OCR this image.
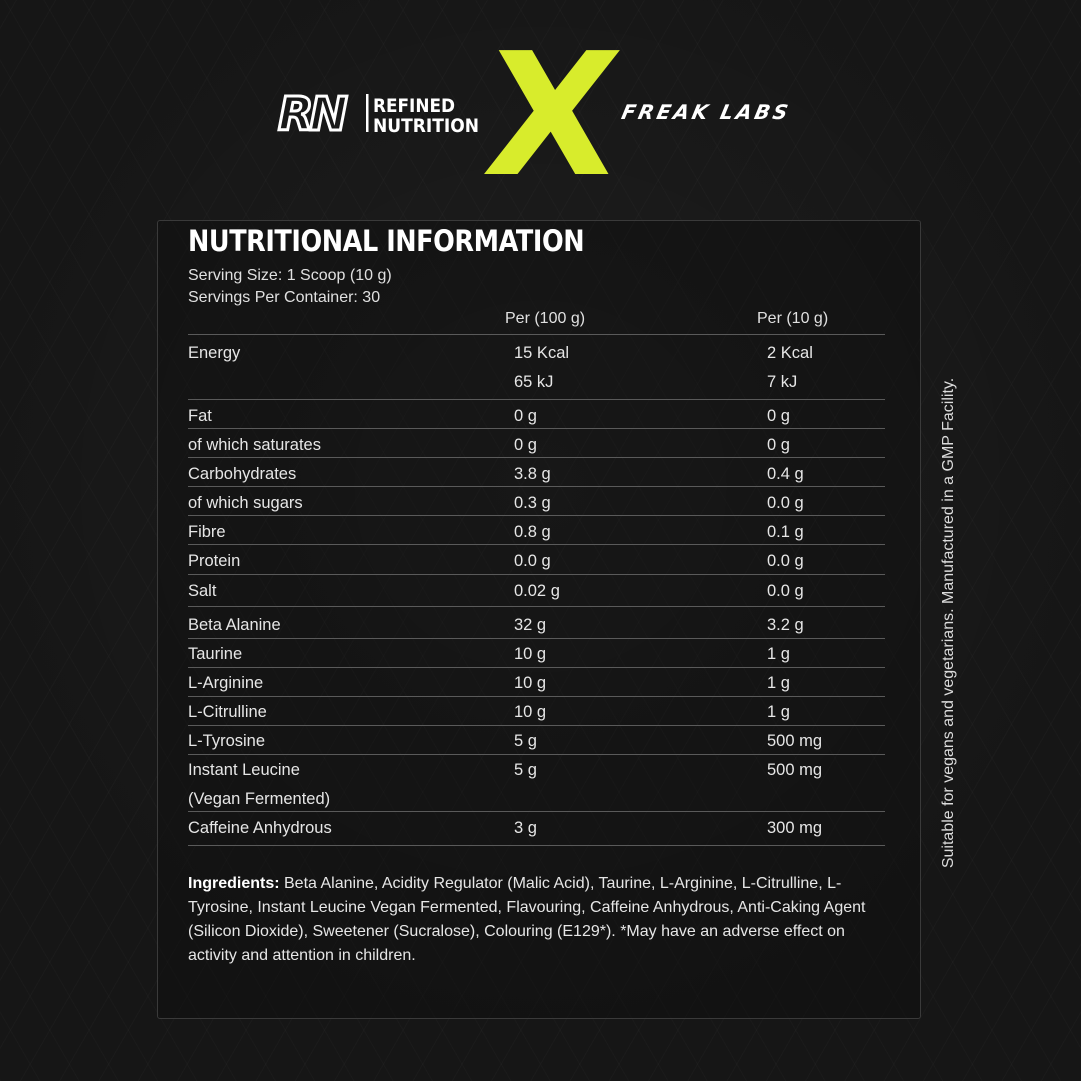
RN REFINED
NUTRITION
X
FREAK LABS
NUTRITIONAL INFORMATION
Serving Size: 1 Scoop (10 g)
Servings Per Container: 30
Per (100 g)	Per (10 g)
Energy	15 Kcal	2 Kcal
65 kJ	7 kJ
Fat	0 g	0 g
of which saturates	0 g	0 g
Carbohydrates	3.8 g	0.4 g
of which sugars	0.3 g	0.0 g
Fibre	0.8 g	0.1 g
Protein	0.0 g	0.0 g
Salt	0.02 g	0.0 g
Beta Alanine	32 g	3.2 g
Taurine	10 g	1 g
L-Arginine	10 g	1 g
L-Citrulline	10 g	1 g
L-Tyrosine	5 g	500 mg
Instant Leucine	5 g	500 mg
(Vegan Fermented)
Caffeine Anhydrous	3 g	300 mg
Ingredients: Beta Alanine, Acidity Regulator (Malic Acid), Taurine, L-Arginine, L-Citrulline, L-Tyrosine, Instant Leucine Vegan Fermented, Flavouring, Caffeine Anhydrous, Anti-Caking Agent (Silicon Dioxide), Sweetener (Sucralose), Colouring (E129*). *May have an adverse effect on activity and attention in children.
Suitable for vegans and vegetarians. Manufactured in a GMP Facility.
